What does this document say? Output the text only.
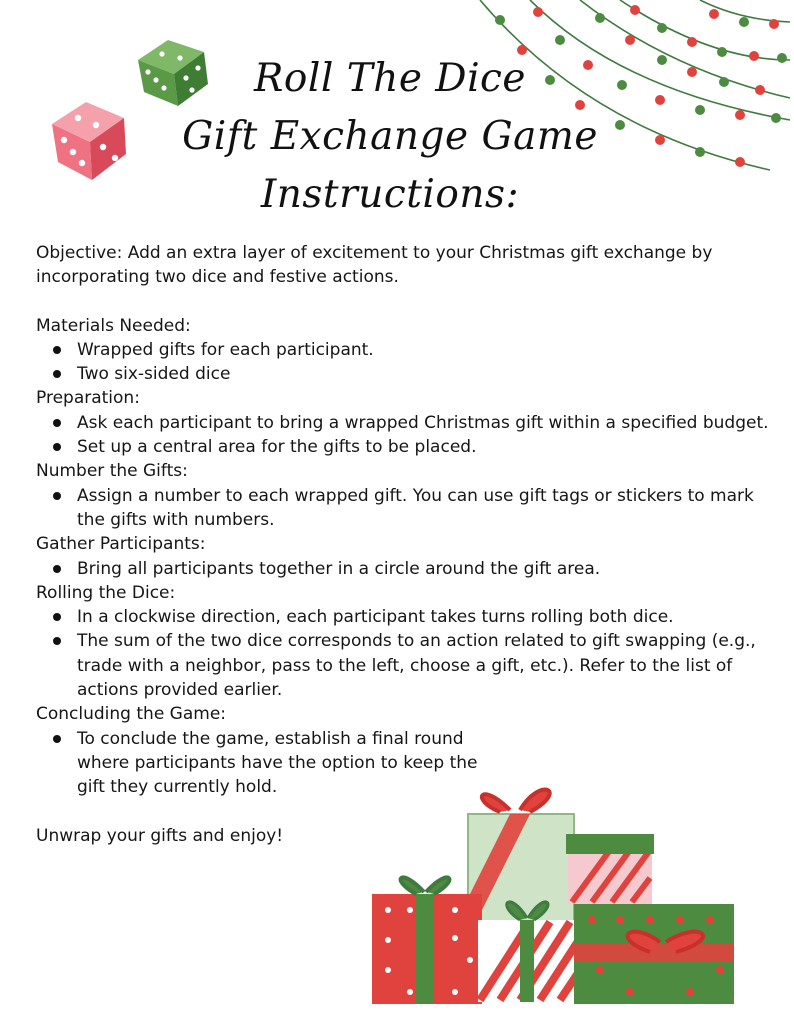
Roll The Dice
Gift Exchange Game
Instructions:

Objective: Add an extra layer of excitement to your Christmas gift exchange by incorporating two dice and festive actions.

Materials Needed:

Wrapped gifts for each participant.
Two six-sided dice

Preparation:

Ask each participant to bring a wrapped Christmas gift within a specified budget.
Set up a central area for the gifts to be placed.

Number the Gifts:

Assign a number to each wrapped gift. You can use gift tags or stickers to mark the gifts with numbers.

Gather Participants:

Bring all participants together in a circle around the gift area.

Rolling the Dice:

In a clockwise direction, each participant takes turns rolling both dice.
The sum of the two dice corresponds to an action related to gift swapping (e.g., trade with a neighbor, pass to the left, choose a gift, etc.). Refer to the list of actions provided earlier.

Concluding the Game:

To conclude the game, establish a final round where participants have the option to keep the gift they currently hold.

Unwrap your gifts and enjoy!
